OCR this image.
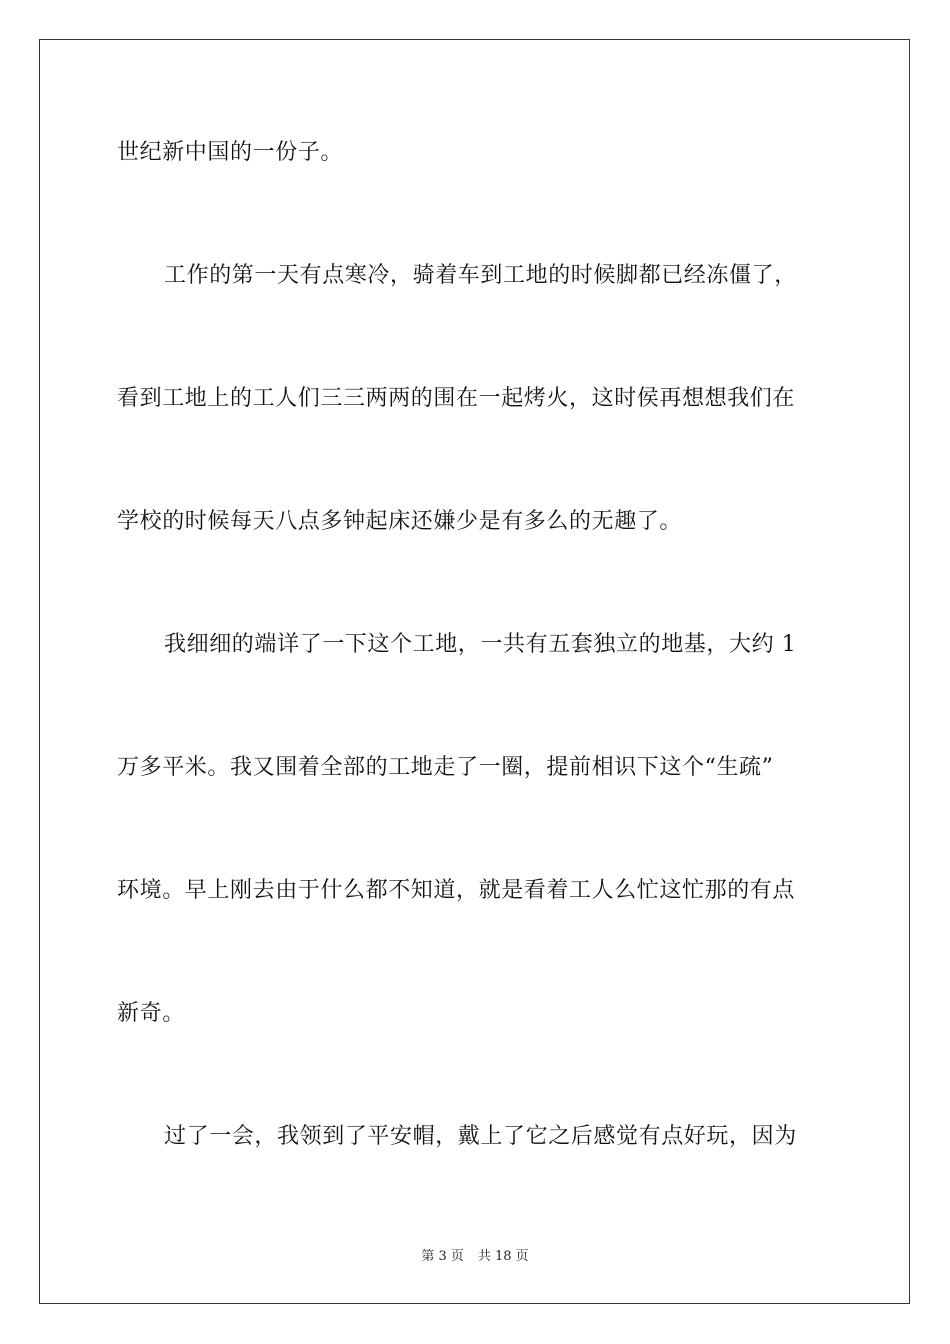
世纪新中国的一份子。
工作的第一天有点寒冷，骑着车到工地的时候脚都已经冻僵了，
看到工地上的工人们三三两两的围在一起烤火，这时侯再想想我们在
学校的时候每天八点多钟起床还嫌少是有多么的无趣了。
我细细的端详了一下这个工地，一共有五套独立的地基，大约 1
万多平米。我又围着全部的工地走了一圈，提前相识下这个“生疏”
环境。早上刚去由于什么都不知道，就是看着工人么忙这忙那的有点
新奇。
过了一会，我领到了平安帽，戴上了它之后感觉有点好玩，因为
第 3 页 共 18 页
